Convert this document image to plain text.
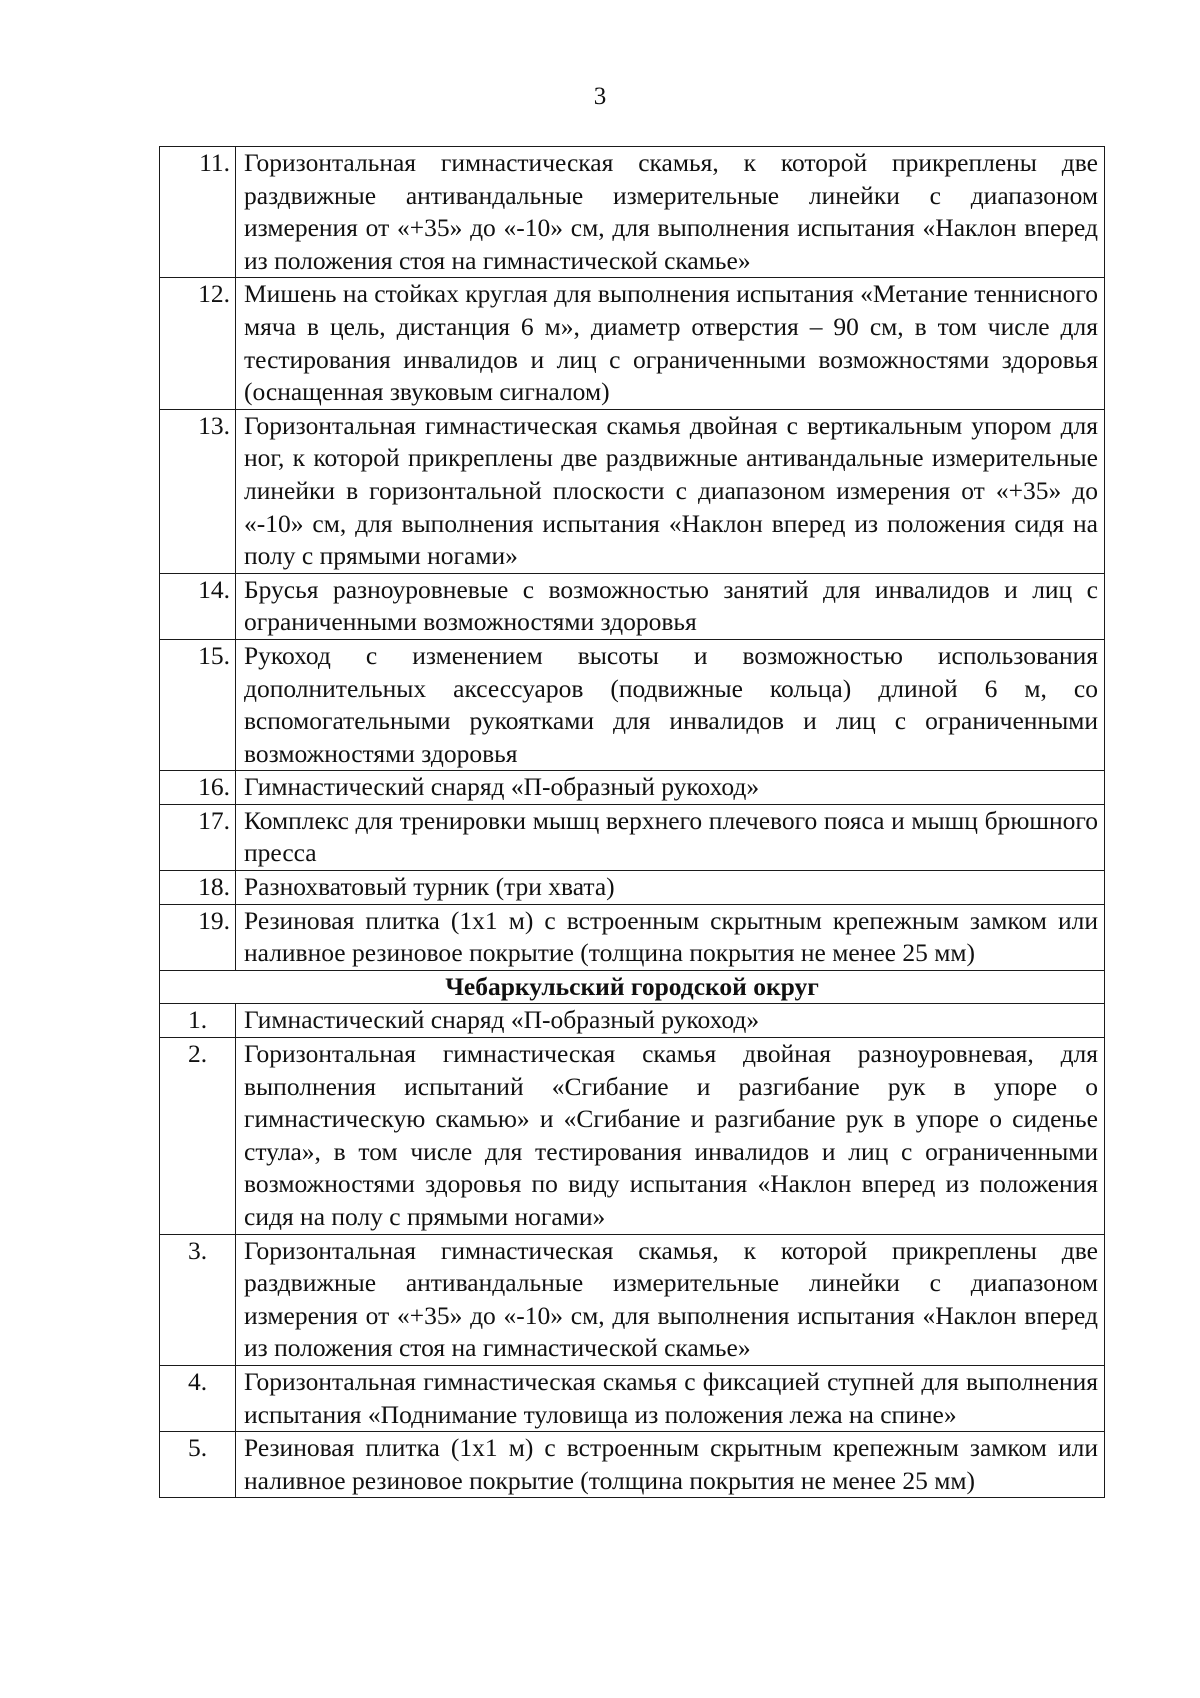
3
11.	Горизонтальная гимнастическая скамья, к которой прикреплены две раздвижные антивандальные измерительные линейки с диапазоном измерения от «+35» до «-10» см, для выполнения испытания «Наклон вперед из положения стоя на гимнастической скамье»
12.	Мишень на стойках круглая для выполнения испытания «Метание теннисного мяча в цель, дистанция 6 м», диаметр отверстия – 90 см, в том числе для тестирования инвалидов и лиц с ограниченными возможностями здоровья (оснащенная звуковым сигналом)
13.	Горизонтальная гимнастическая скамья двойная с вертикальным упором для ног, к которой прикреплены две раздвижные антивандальные измерительные линейки в горизонтальной плоскости с диапазоном измерения от «+35» до «-10» см, для выполнения испытания «Наклон вперед из положения сидя на полу с прямыми ногами»
14.	Брусья разноуровневые с возможностью занятий для инвалидов и лиц с ограниченными возможностями здоровья
15.	Рукоход с изменением высоты и возможностью использования дополнительных аксессуаров (подвижные кольца) длиной 6 м, со вспомогательными рукоятками для инвалидов и лиц с ограниченными возможностями здоровья
16.	Гимнастический снаряд «П-образный рукоход»
17.	Комплекс для тренировки мышц верхнего плечевого пояса и мышц брюшного пресса
18.	Разнохватовый турник (три хвата)
19.	Резиновая плитка (1х1 м) с встроенным скрытным крепежным замком или наливное резиновое покрытие (толщина покрытия не менее 25 мм)
Чебаркульский городской округ	
1.	Гимнастический снаряд «П-образный рукоход»
2.	Горизонтальная гимнастическая скамья двойная разноуровневая, для выполнения испытаний «Сгибание и разгибание рук в упоре о гимнастическую скамью» и «Сгибание и разгибание рук в упоре о сиденье стула», в том числе для тестирования инвалидов и лиц с ограниченными возможностями здоровья по виду испытания «Наклон вперед из положения сидя на полу с прямыми ногами»
3.	Горизонтальная гимнастическая скамья, к которой прикреплены две раздвижные антивандальные измерительные линейки с диапазоном измерения от «+35» до «-10» см, для выполнения испытания «Наклон вперед из положения стоя на гимнастической скамье»
4.	Горизонтальная гимнастическая скамья с фиксацией ступней для выполнения испытания «Поднимание туловища из положения лежа на спине»
5.	Резиновая плитка (1х1 м) с встроенным скрытным крепежным замком или наливное резиновое покрытие (толщина покрытия не менее 25 мм)
